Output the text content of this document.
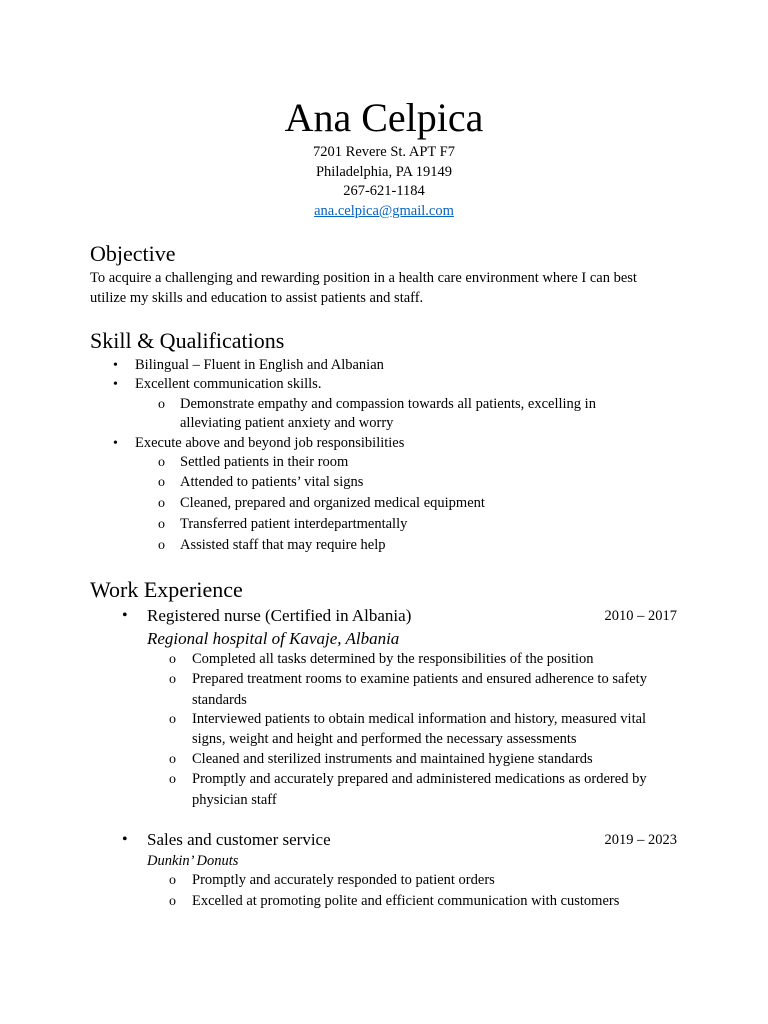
Ana Celpica
7201 Revere St. APT F7
Philadelphia, PA 19149
267-621-1184
ana.celpica@gmail.com
Objective
To acquire a challenging and rewarding position in a health care environment where I can best
utilize my skills and education to assist patients and staff.
Skill & Qualifications
• Bilingual – Fluent in English and Albanian
• Excellent communication skills.
o Demonstrate empathy and compassion towards all patients, excelling in
alleviating patient anxiety and worry
• Execute above and beyond job responsibilities
o Settled patients in their room
o Attended to patients’ vital signs
o Cleaned, prepared and organized medical equipment
o Transferred patient interdepartmentally
o Assisted staff that may require help
Work Experience
• Registered nurse (Certified in Albania)	2010 – 2017
Regional hospital of Kavaje, Albania
o Completed all tasks determined by the responsibilities of the position
o Prepared treatment rooms to examine patients and ensured adherence to safety
standards
o Interviewed patients to obtain medical information and history, measured vital
signs, weight and height and performed the necessary assessments
o Cleaned and sterilized instruments and maintained hygiene standards
o Promptly and accurately prepared and administered medications as ordered by
physician staff
• Sales and customer service	2019 – 2023
Dunkin’ Donuts
o Promptly and accurately responded to patient orders
o Excelled at promoting polite and efficient communication with customers
